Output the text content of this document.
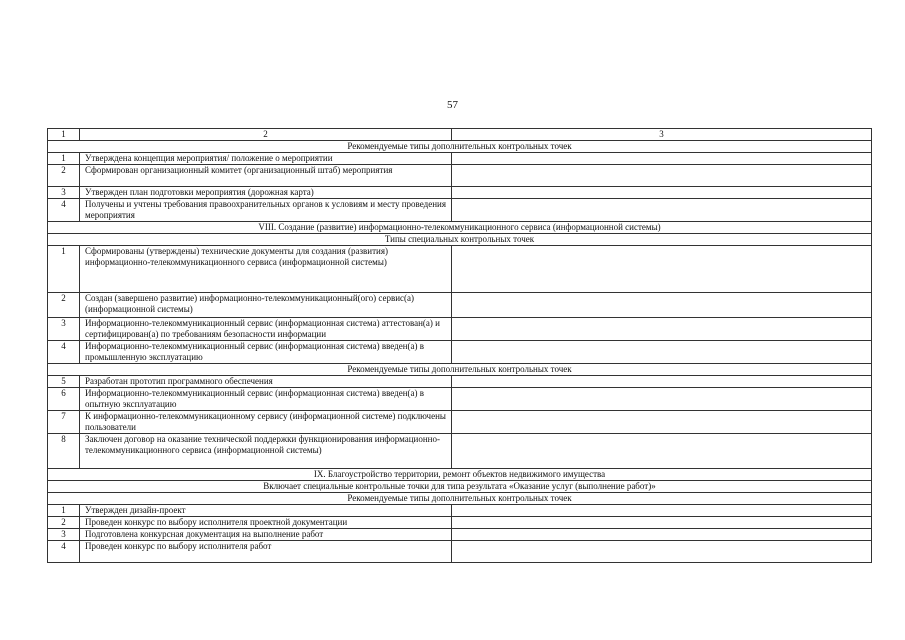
57
1	2	3
Рекомендуемые типы дополнительных контрольных точек		
1	Утверждена концепция мероприятия/ положение о мероприятии	
2	Сформирован организационный комитет (организационный штаб) мероприятия	
3	Утвержден план подготовки мероприятия (дорожная карта)	
4	Получены и учтены требования правоохранительных органов к условиям и месту проведения мероприятия	
VIII. Создание (развитие) информационно-телекоммуникационного сервиса (информационной системы)		
Типы специальных контрольных точек		
1	Сформированы (утверждены) технические документы для создания (развития) информационно-телекоммуникационного сервиса (информационной системы)	
2	Создан (завершено развитие) информационно-телекоммуникационный(ого) сервис(а) (информационной системы)	
3	Информационно-телекоммуникационный сервис (информационная система) аттестован(а) и сертифицирован(а) по требованиям безопасности информации	
4	Информационно-телекоммуникационный сервис (информационная система) введен(а) в промышленную эксплуатацию	
Рекомендуемые типы дополнительных контрольных точек		
5	Разработан прототип программного обеспечения	
6	Информационно-телекоммуникационный сервис (информационная система) введен(а) в опытную эксплуатацию	
7	К информационно-телекоммуникационному сервису (информационной системе) подключены пользователи	
8	Заключен договор на оказание технической поддержки функционирования информационно-телекоммуникационного сервиса (информационной системы)	
IX. Благоустройство территории, ремонт объектов недвижимого имущества		
Включает специальные контрольные точки для типа результата «Оказание услуг (выполнение работ)»		
Рекомендуемые типы дополнительных контрольных точек		
1	Утвержден дизайн-проект	
2	Проведен конкурс по выбору исполнителя проектной документации	
3	Подготовлена конкурсная документация на выполнение работ	
4	Проведен конкурс по выбору исполнителя работ	
